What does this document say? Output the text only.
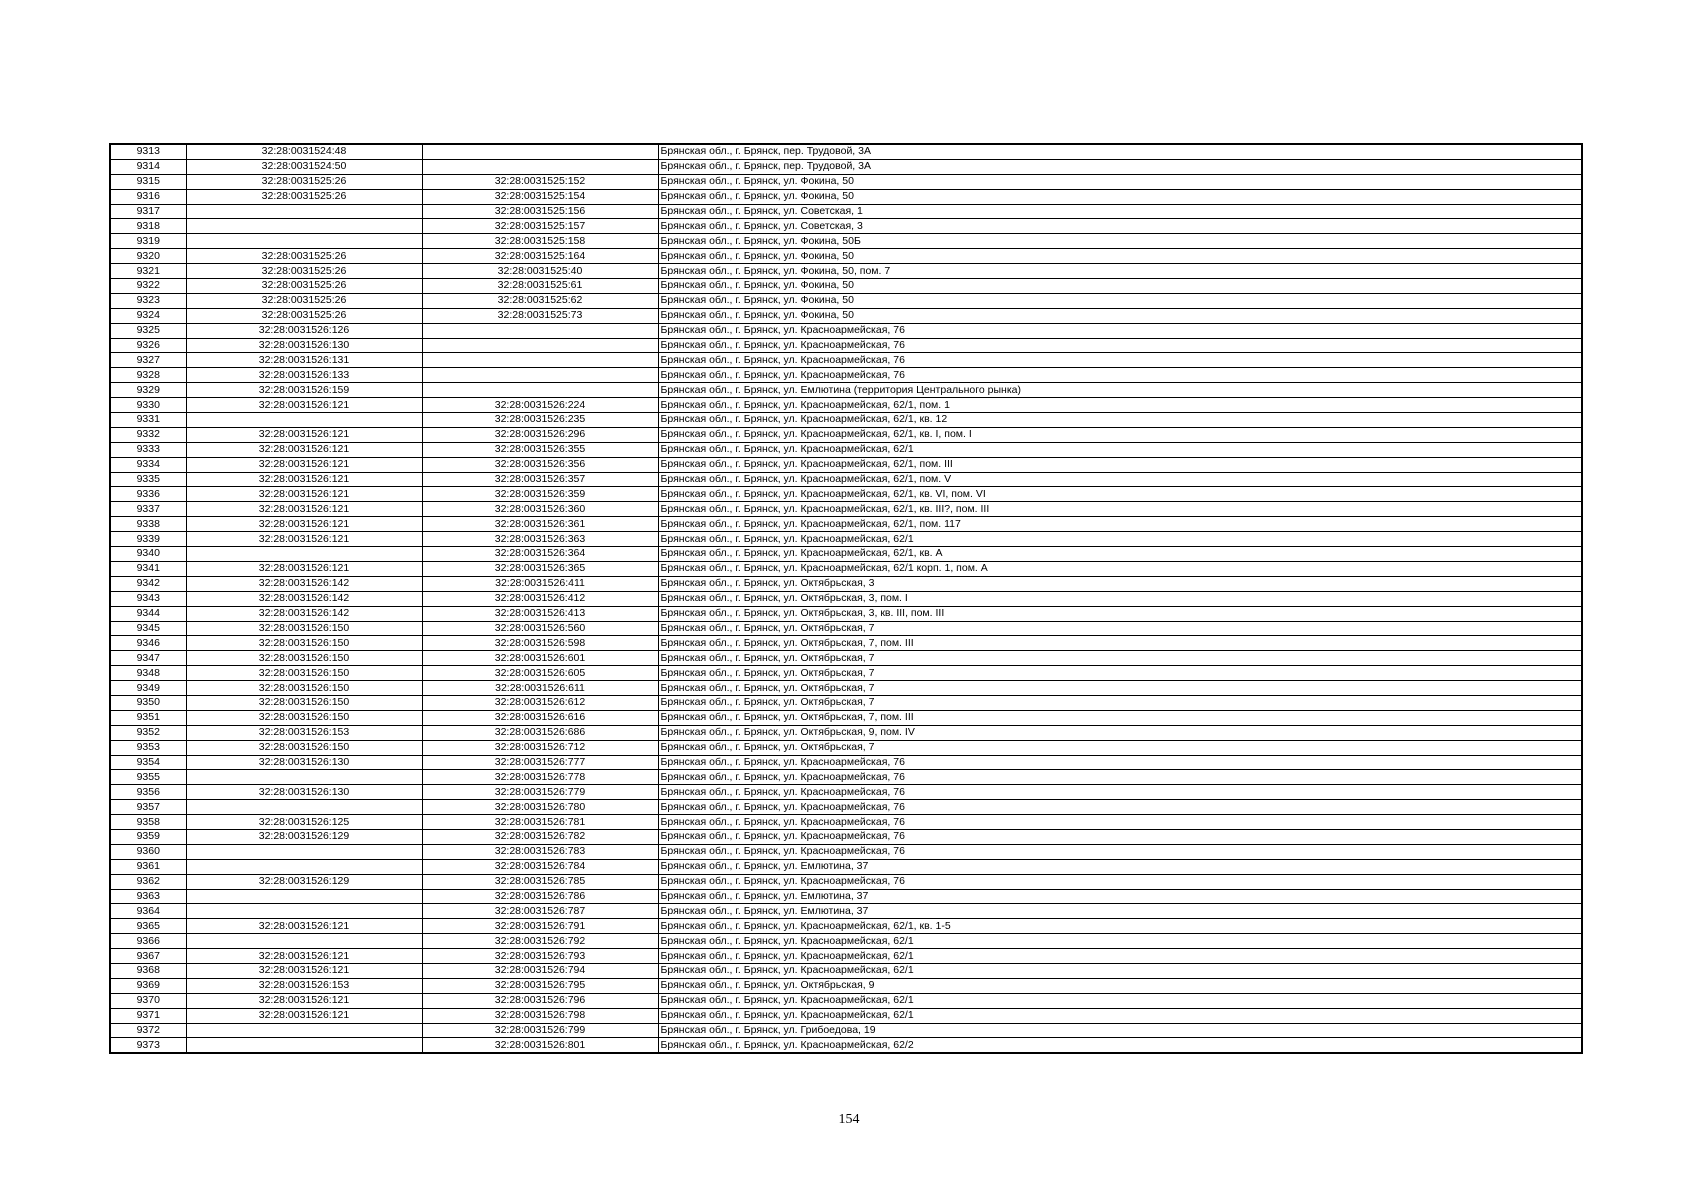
9313	32:28:0031524:48		Брянская обл., г. Брянск, пер. Трудовой, 3А
9314	32:28:0031524:50		Брянская обл., г. Брянск, пер. Трудовой, 3А
9315	32:28:0031525:26	32:28:0031525:152	Брянская обл., г. Брянск, ул. Фокина, 50
9316	32:28:0031525:26	32:28:0031525:154	Брянская обл., г. Брянск, ул. Фокина, 50
9317		32:28:0031525:156	Брянская обл., г. Брянск, ул. Советская, 1
9318		32:28:0031525:157	Брянская обл., г. Брянск, ул. Советская, 3
9319		32:28:0031525:158	Брянская обл., г. Брянск, ул. Фокина, 50Б
9320	32:28:0031525:26	32:28:0031525:164	Брянская обл., г. Брянск, ул. Фокина, 50
9321	32:28:0031525:26	32:28:0031525:40	Брянская обл., г. Брянск, ул. Фокина, 50, пом. 7
9322	32:28:0031525:26	32:28:0031525:61	Брянская обл., г. Брянск, ул. Фокина, 50
9323	32:28:0031525:26	32:28:0031525:62	Брянская обл., г. Брянск, ул. Фокина, 50
9324	32:28:0031525:26	32:28:0031525:73	Брянская обл., г. Брянск, ул. Фокина, 50
9325	32:28:0031526:126		Брянская обл., г. Брянск, ул. Красноармейская, 76
9326	32:28:0031526:130		Брянская обл., г. Брянск, ул. Красноармейская, 76
9327	32:28:0031526:131		Брянская обл., г. Брянск, ул. Красноармейская, 76
9328	32:28:0031526:133		Брянская обл., г. Брянск, ул. Красноармейская, 76
9329	32:28:0031526:159		Брянская обл., г. Брянск, ул. Емлютина (территория Центрального рынка)
9330	32:28:0031526:121	32:28:0031526:224	Брянская обл., г. Брянск, ул. Красноармейская, 62/1, пом. 1
9331		32:28:0031526:235	Брянская обл., г. Брянск, ул. Красноармейская, 62/1, кв. 12
9332	32:28:0031526:121	32:28:0031526:296	Брянская обл., г. Брянск, ул. Красноармейская, 62/1, кв. I, пом. I
9333	32:28:0031526:121	32:28:0031526:355	Брянская обл., г. Брянск, ул. Красноармейская, 62/1
9334	32:28:0031526:121	32:28:0031526:356	Брянская обл., г. Брянск, ул. Красноармейская, 62/1, пом. III
9335	32:28:0031526:121	32:28:0031526:357	Брянская обл., г. Брянск, ул. Красноармейская, 62/1, пом. V
9336	32:28:0031526:121	32:28:0031526:359	Брянская обл., г. Брянск, ул. Красноармейская, 62/1, кв. VI, пом. VI
9337	32:28:0031526:121	32:28:0031526:360	Брянская обл., г. Брянск, ул. Красноармейская, 62/1, кв. III?, пом. III
9338	32:28:0031526:121	32:28:0031526:361	Брянская обл., г. Брянск, ул. Красноармейская, 62/1, пом. 117
9339	32:28:0031526:121	32:28:0031526:363	Брянская обл., г. Брянск, ул. Красноармейская, 62/1
9340		32:28:0031526:364	Брянская обл., г. Брянск, ул. Красноармейская, 62/1, кв. А
9341	32:28:0031526:121	32:28:0031526:365	Брянская обл., г. Брянск, ул. Красноармейская, 62/1 корп. 1, пом. А
9342	32:28:0031526:142	32:28:0031526:411	Брянская обл., г. Брянск, ул. Октябрьская, 3
9343	32:28:0031526:142	32:28:0031526:412	Брянская обл., г. Брянск, ул. Октябрьская, 3, пом. I
9344	32:28:0031526:142	32:28:0031526:413	Брянская обл., г. Брянск, ул. Октябрьская, 3, кв. III, пом. III
9345	32:28:0031526:150	32:28:0031526:560	Брянская обл., г. Брянск, ул. Октябрьская, 7
9346	32:28:0031526:150	32:28:0031526:598	Брянская обл., г. Брянск, ул. Октябрьская, 7, пом. III
9347	32:28:0031526:150	32:28:0031526:601	Брянская обл., г. Брянск, ул. Октябрьская, 7
9348	32:28:0031526:150	32:28:0031526:605	Брянская обл., г. Брянск, ул. Октябрьская, 7
9349	32:28:0031526:150	32:28:0031526:611	Брянская обл., г. Брянск, ул. Октябрьская, 7
9350	32:28:0031526:150	32:28:0031526:612	Брянская обл., г. Брянск, ул. Октябрьская, 7
9351	32:28:0031526:150	32:28:0031526:616	Брянская обл., г. Брянск, ул. Октябрьская, 7, пом. III
9352	32:28:0031526:153	32:28:0031526:686	Брянская обл., г. Брянск, ул. Октябрьская, 9, пом. IV
9353	32:28:0031526:150	32:28:0031526:712	Брянская обл., г. Брянск, ул. Октябрьская, 7
9354	32:28:0031526:130	32:28:0031526:777	Брянская обл., г. Брянск, ул. Красноармейская, 76
9355		32:28:0031526:778	Брянская обл., г. Брянск, ул. Красноармейская, 76
9356	32:28:0031526:130	32:28:0031526:779	Брянская обл., г. Брянск, ул. Красноармейская, 76
9357		32:28:0031526:780	Брянская обл., г. Брянск, ул. Красноармейская, 76
9358	32:28:0031526:125	32:28:0031526:781	Брянская обл., г. Брянск, ул. Красноармейская, 76
9359	32:28:0031526:129	32:28:0031526:782	Брянская обл., г. Брянск, ул. Красноармейская, 76
9360		32:28:0031526:783	Брянская обл., г. Брянск, ул. Красноармейская, 76
9361		32:28:0031526:784	Брянская обл., г. Брянск, ул. Емлютина, 37
9362	32:28:0031526:129	32:28:0031526:785	Брянская обл., г. Брянск, ул. Красноармейская, 76
9363		32:28:0031526:786	Брянская обл., г. Брянск, ул. Емлютина, 37
9364		32:28:0031526:787	Брянская обл., г. Брянск, ул. Емлютина, 37
9365	32:28:0031526:121	32:28:0031526:791	Брянская обл., г. Брянск, ул. Красноармейская, 62/1, кв. 1-5
9366		32:28:0031526:792	Брянская обл., г. Брянск, ул. Красноармейская, 62/1
9367	32:28:0031526:121	32:28:0031526:793	Брянская обл., г. Брянск, ул. Красноармейская, 62/1
9368	32:28:0031526:121	32:28:0031526:794	Брянская обл., г. Брянск, ул. Красноармейская, 62/1
9369	32:28:0031526:153	32:28:0031526:795	Брянская обл., г. Брянск, ул. Октябрьская, 9
9370	32:28:0031526:121	32:28:0031526:796	Брянская обл., г. Брянск, ул. Красноармейская, 62/1
9371	32:28:0031526:121	32:28:0031526:798	Брянская обл., г. Брянск, ул. Красноармейская, 62/1
9372		32:28:0031526:799	Брянская обл., г. Брянск, ул. Грибоедова, 19
9373		32:28:0031526:801	Брянская обл., г. Брянск, ул. Красноармейская, 62/2
154
